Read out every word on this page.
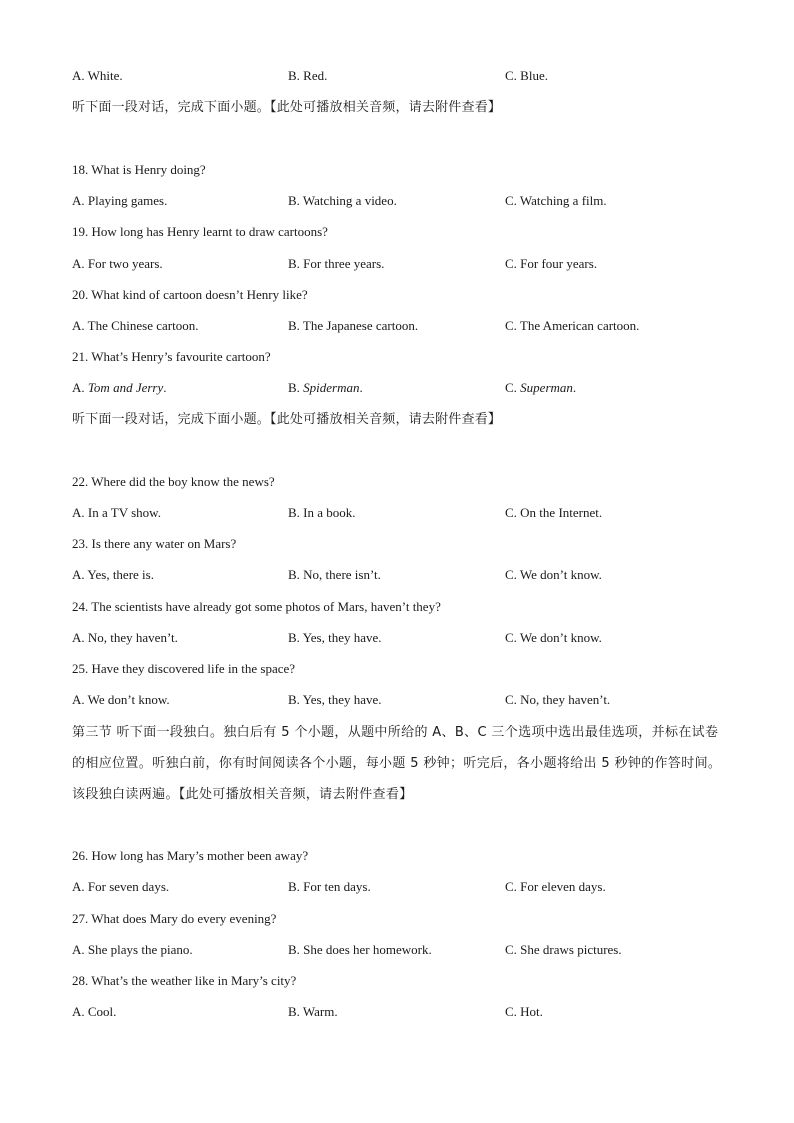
A. White.	B. Red.	C. Blue.
听下面一段对话，完成下面小题。【此处可播放相关音频，请去附件查看】
18. What is Henry doing?
A. Playing games.	B. Watching a video.	C. Watching a film.
19. How long has Henry learnt to draw cartoons?
A. For two years.	B. For three years.	C. For four years.
20. What kind of cartoon doesn’t Henry like?
A. The Chinese cartoon.	B. The Japanese cartoon.	C. The American cartoon.
21. What’s Henry’s favourite cartoon?
A. Tom and Jerry.	B. Spiderman.	C. Superman.
听下面一段对话，完成下面小题。【此处可播放相关音频，请去附件查看】
22. Where did the boy know the news?
A. In a TV show.	B. In a book.	C. On the Internet.
23. Is there any water on Mars?
A. Yes, there is.	B. No, there isn’t.	C. We don’t know.
24. The scientists have already got some photos of Mars, haven’t they?
A. No, they haven’t.	B. Yes, they have.	C. We don’t know.
25. Have they discovered life in the space?
A. We don’t know.	B. Yes, they have.	C. No, they haven’t.
第三节 听下面一段独白。独白后有 5 个小题，从题中所给的 A、B、C 三个选项中选出最佳选项，并标在试卷的相应位置。听独白前，你有时间阅读各个小题，每小题 5 秒钟；听完后，各小题将给出 5 秒钟的作答时间。该段独白读两遍。【此处可播放相关音频，请去附件查看】
26. How long has Mary’s mother been away?
A. For seven days.	B. For ten days.	C. For eleven days.
27. What does Mary do every evening?
A. She plays the piano.	B. She does her homework.	C. She draws pictures.
28. What’s the weather like in Mary’s city?
A. Cool.	B. Warm.	C. Hot.
